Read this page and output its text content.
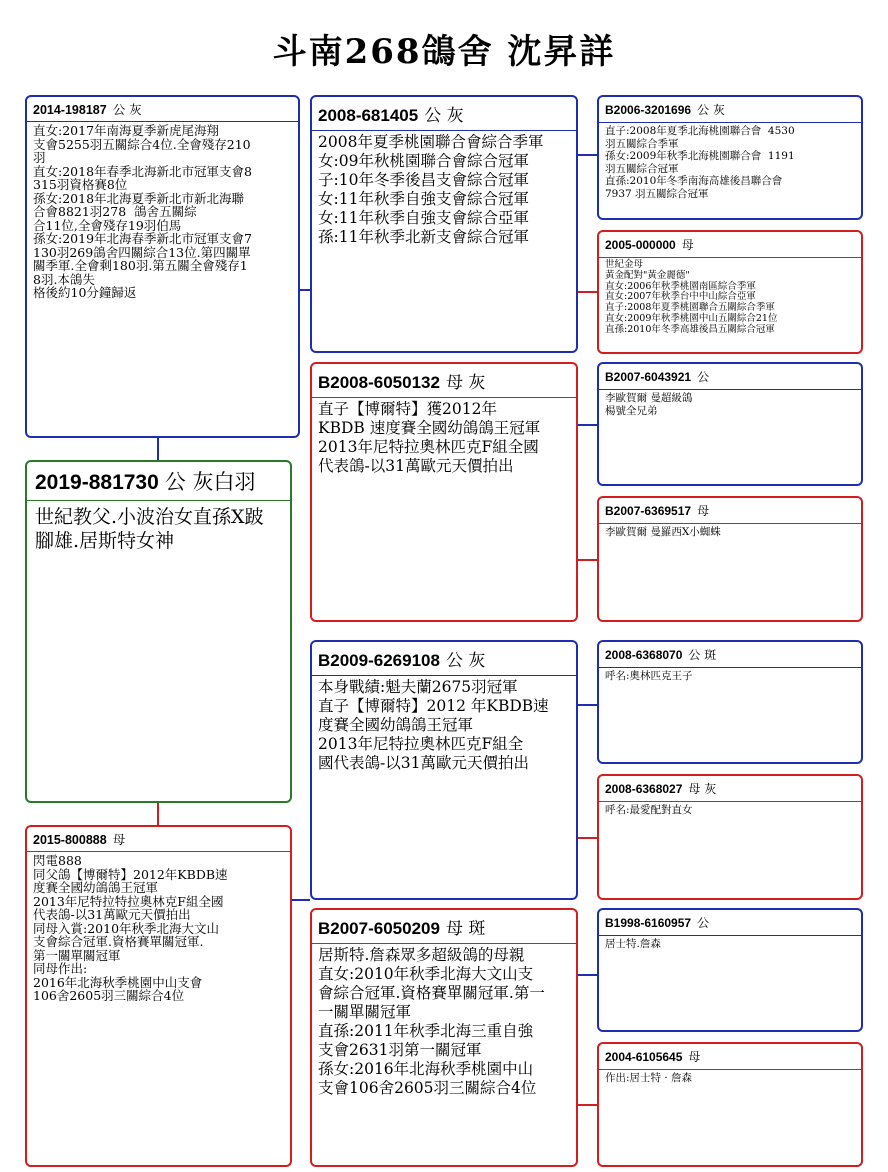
斗南268鴿舍 沈昇詳
2014-198187 公 灰
直女:2017年南海夏季新虎尾海翔
支會5255羽五關綜合4位.全會殘存210
羽
直女:2018年春季北海新北市冠軍支會8
315羽資格賽8位
孫女:2018年北海夏季新北市新北海聯
合會8821羽278  鴿舍五關綜
合11位,全會殘存19羽伯馬
孫女:2019年北海春季新北市冠軍支會7
130羽269鴿舍四關綜合13位.第四關單
關季軍.全會剩180羽.第五關全會殘存1
8羽.本鴿失
格後約10分鐘歸返
2008-681405 公 灰
2008年夏季桃園聯合會綜合季軍
女:09年秋桃園聯合會綜合冠軍
子:10年冬季後昌支會綜合冠軍
女:11年秋季自強支會綜合冠軍
女:11年秋季自強支會綜合亞軍
孫:11年秋季北新支會綜合冠軍
B2006-3201696 公 灰
直子:2008年夏季北海桃園聯合會  4530
羽五關綜合季軍
孫女:2009年秋季北海桃園聯合會  1191
羽五關綜合冠軍
直孫:2010年冬季南海高雄後昌聯合會
7937 羽五關綜合冠軍
2005-000000 母
世紀金母
黃金配對"黃金麗德"
直女:2006年秋季桃園南區綜合季軍
直女:2007年秋季台中中山綜合亞軍
直子:2008年夏季桃園聯合五關綜合季軍
直女:2009年秋季桃園中山五關綜合21位
直孫:2010年冬季高雄後昌五關綜合冠軍
2019-881730 公 灰白羽
世紀教父.小波治女直孫X跛
腳雄.居斯特女神
B2008-6050132 母 灰
直子【博爾特】獲2012年
KBDB 速度賽全國幼鴿鴿王冠軍
2013年尼特拉奧林匹克F組全國
代表鴿-以31萬歐元天價拍出
B2007-6043921 公
李歐賀爾 曼超級鴿
楊號全兄弟
B2007-6369517 母
李歐賀爾 曼羅西X小蜘蛛
B2009-6269108 公 灰
本身戰績:魁夫蘭2675羽冠軍
直子【博爾特】2012 年KBDB速
度賽全國幼鴿鴿王冠軍
2013年尼特拉奧林匹克F組全
國代表鴿-以31萬歐元天價拍出
2008-6368070 公 斑
呼名:奧林匹克王子
2008-6368027 母 灰
呼名:最愛配對直女
2015-800888 母
閃電888
同父鴿【博爾特】2012年KBDB速
度賽全國幼鴿鴿王冠軍
2013年尼特拉特拉奧林克F組全國
代表鴿-以31萬歐元天價拍出
同母入賞:2010年秋季北海大文山
支會綜合冠軍.資格賽單關冠軍.
第一關單關冠軍
同母作出:
2016年北海秋季桃園中山支會
106舍2605羽三關綜合4位
B2007-6050209 母 斑
居斯特.詹森眾多超級鴿的母親
直女:2010年秋季北海大文山支
會綜合冠軍.資格賽單關冠軍.第一
一關單關冠軍
直孫:2011年秋季北海三重自強
支會2631羽第一關冠軍
孫女:2016年北海秋季桃園中山
支會106舍2605羽三關綜合4位
B1998-6160957 公
居士特.詹森
2004-6105645 母
作出:居士特 · 詹森
